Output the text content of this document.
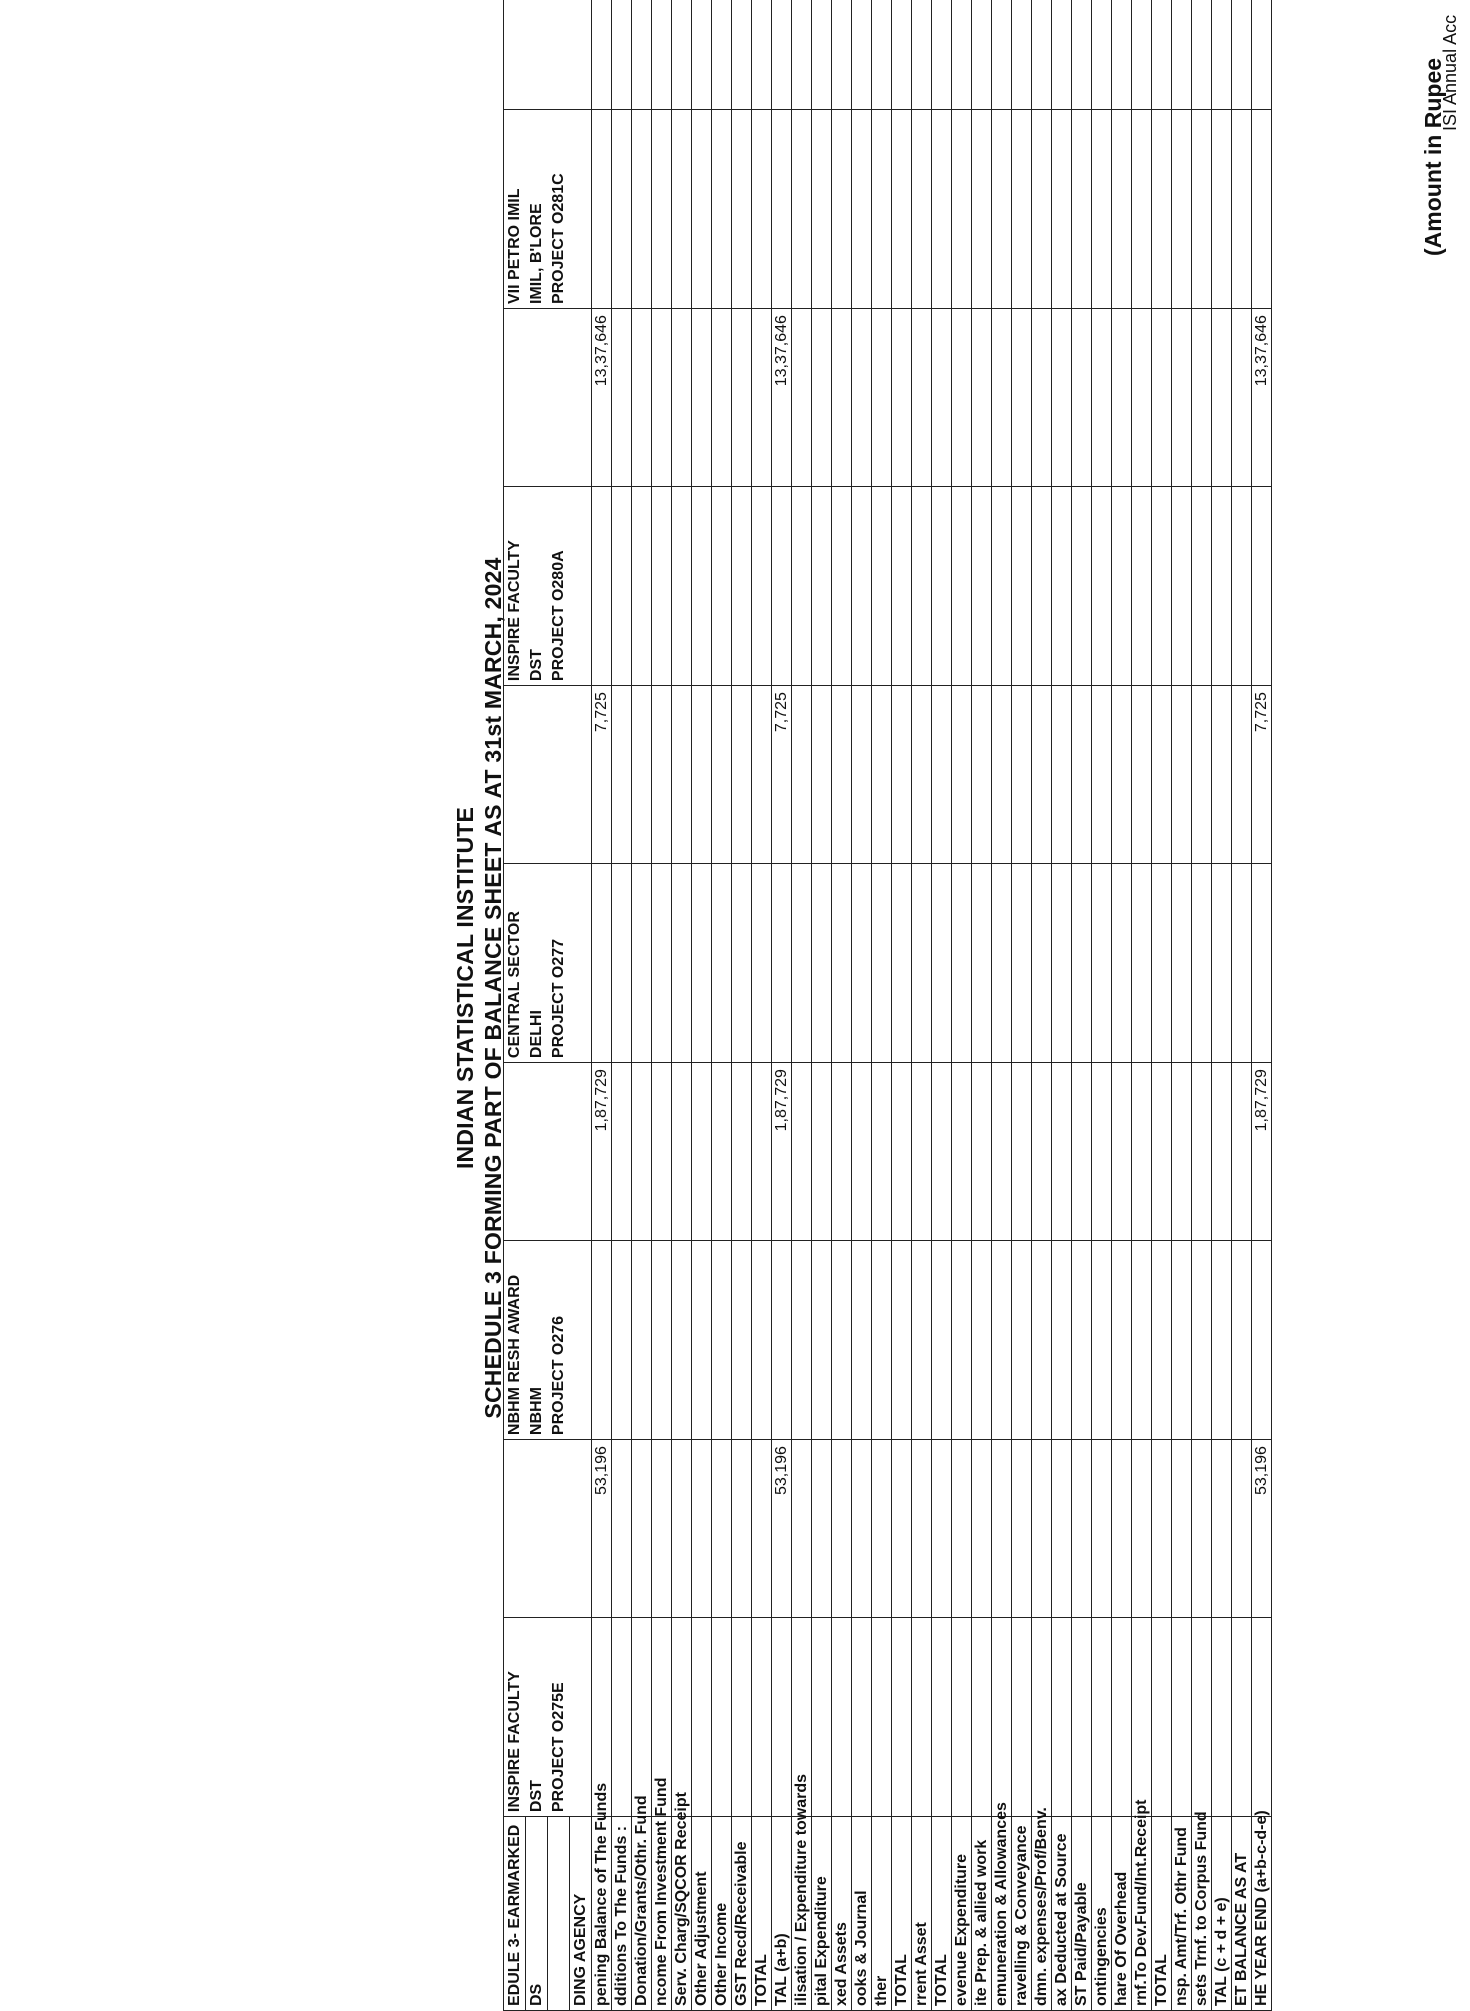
INDIAN STATISTICAL INSTITUTE SCHEDULE 3 FORMING PART OF BALANCE SHEET AS AT 31st MARCH, 2024
(Amount in Rupee
EDULE 3- EARMARKED	INSPIRE FACULTY		NBHM RESH AWARD		CENTRAL SECTOR		INSPIRE FACULTY		VII PETRO IMIL	
DS	DST		NBHM		DELHI		DST		IMIL, B'LORE	
	PROJECT O275E		PROJECT O276		PROJECT O277		PROJECT O280A		PROJECT O281C	
DING AGENCY										
pening Balance of The Funds		53,196		1,87,729		7,725		13,37,646		
dditions To The Funds :										
Donation/Grants/Othr. Fund										
ncome From Investment Fund										
Serv. Charg/SQCOR Receipt										
Other Adjustment										
Other Income										
GST Recd/Receivable										
TOTAL										
TAL (a+b)		53,196		1,87,729		7,725		13,37,646		
ilisation / Expenditure towards										
pital Expenditure										
xed Assets										
ooks & Journal										
ther										
TOTAL										
rrent Asset										
TOTAL										
evenue Expenditure										
ite Prep. & allied work										
emuneration & Allowances										
ravelling & Conveyance										
dmn. expenses/Prof/Benv.										
ax Deducted at Source										
ST Paid/Payable										
ontingencies										
hare Of Overhead										
rnf.To Dev.Fund/Int.Receipt										
TOTAL										
nsp. Amt/Trf. Othr Fund										
sets Trnf. to Corpus Fund										
TAL (c + d + e)										
ET BALANCE AS AT										
HE YEAR END (a+b-c-d-e)		53,196		1,87,729		7,725		13,37,646		
ISI Annual Acc
